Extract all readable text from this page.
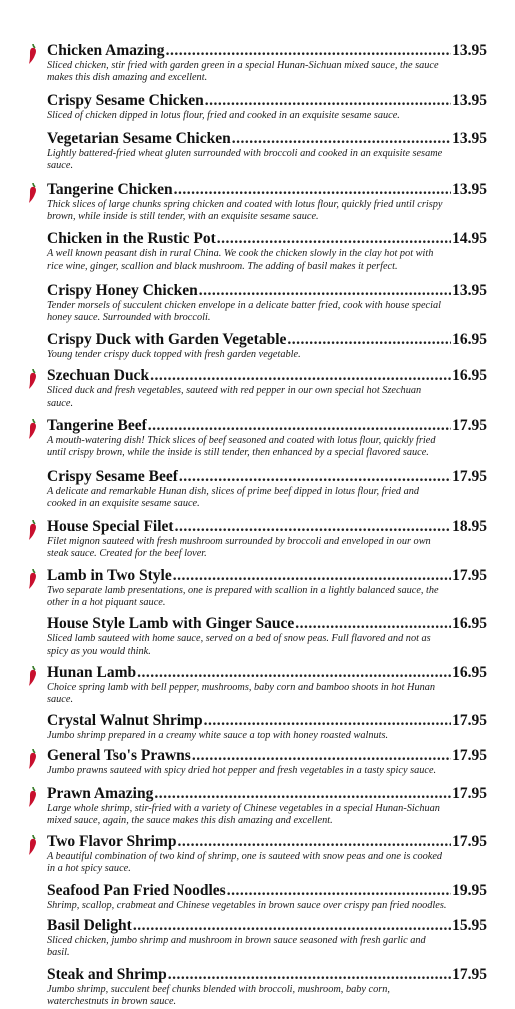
Chicken Amazing .....	13.95
Sliced chicken, stir fried with garden green in a special Hunan-Sichuan mixed sauce, the sauce makes this dish amazing and excellent.
Crispy Sesame Chicken .....	13.95
Sliced of chicken dipped in lotus flour, fried and cooked in an exquisite sesame sauce.
Vegetarian Sesame Chicken .....	13.95
Lightly battered-fried wheat gluten surrounded with broccoli and cooked in an exquisite sesame sauce.
Tangerine Chicken .....	13.95
Thick slices of large chunks spring chicken and coated with lotus flour, quickly fried until crispy brown, while inside is still tender, with an exquisite sesame sauce.
Chicken in the Rustic Pot .....	14.95
A well known peasant dish in rural China. We cook the chicken slowly in the clay hot pot with rice wine, ginger, scallion and black mushroom. The adding of basil makes it perfect.
Crispy Honey Chicken .....	13.95
Tender morsels of succulent chicken envelope in a delicate batter fried, cook with house special honey sauce. Surrounded with broccoli.
Crispy Duck with Garden Vegetable .....	16.95
Young tender crispy duck topped with fresh garden vegetable.
Szechuan Duck .....	16.95
Sliced duck and fresh vegetables, sauteed with red pepper in our own special hot Szechuan sauce.
Tangerine Beef .....	17.95
A mouth-watering dish! Thick slices of beef seasoned and coated with lotus flour, quickly fried until crispy brown, while the inside is still tender, then enhanced by a special flavored sauce.
Crispy Sesame Beef .....	17.95
A delicate and remarkable Hunan dish, slices of prime beef dipped in lotus flour, fried and cooked in an exquisite sesame sauce.
House Special Filet .....	18.95
Filet mignon sauteed with fresh mushroom surrounded by broccoli and enveloped in our own steak sauce. Created for the beef lover.
Lamb in Two Style .....	17.95
Two separate lamb presentations, one is prepared with scallion in a lightly balanced sauce, the other in a hot piquant sauce.
House Style Lamb with Ginger Sauce .....	16.95
Sliced lamb sauteed with home sauce, served on a bed of snow peas. Full flavored and not as spicy as you would think.
Hunan Lamb .....	16.95
Choice spring lamb with bell pepper, mushrooms, baby corn and bamboo shoots in hot Hunan sauce.
Crystal Walnut Shrimp .....	17.95
Jumbo shrimp prepared in a creamy white sauce a top with honey roasted walnuts.
General Tso's Prawns .....	17.95
Jumbo prawns sauteed with spicy dried hot pepper and fresh vegetables in a tasty spicy sauce.
Prawn Amazing .....	17.95
Large whole shrimp, stir-fried with a variety of Chinese vegetables in a special Hunan-Sichuan mixed sauce, again, the sauce makes this dish amazing and excellent.
Two Flavor Shrimp .....	17.95
A beautiful combination of two kind of shrimp, one is sauteed with snow peas and one is cooked in a hot spicy sauce.
Seafood Pan Fried Noodles .....	19.95
Shrimp, scallop, crabmeat and Chinese vegetables in brown sauce over crispy pan fried noodles.
Basil Delight .....	15.95
Sliced chicken, jumbo shrimp and mushroom in brown sauce seasoned with fresh garlic and basil.
Steak and Shrimp .....	17.95
Jumbo shrimp, succulent beef chunks blended with broccoli, mushroom, baby corn, waterchestnuts in brown sauce.
